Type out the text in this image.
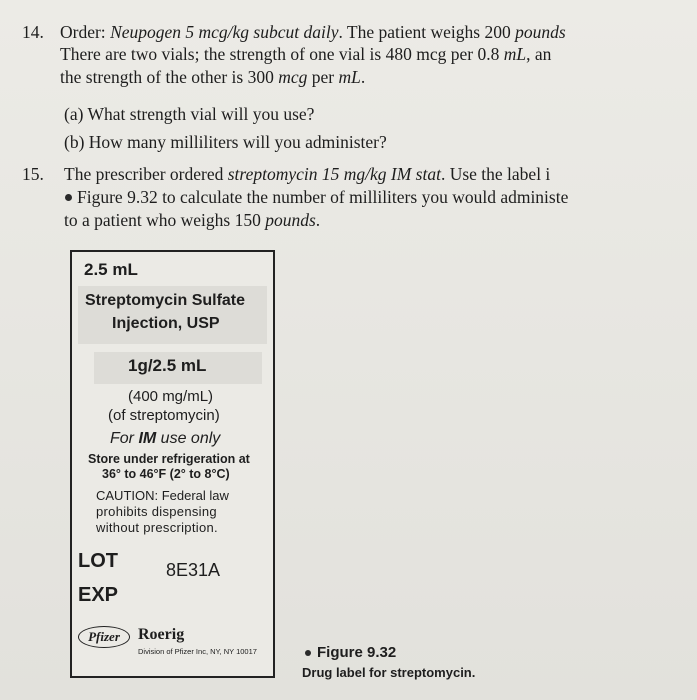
14. Order: Neupogen 5 mcg/kg subcut daily. The patient weighs 200 pounds
There are two vials; the strength of one vial is 480 mcg per 0.8 mL, an
the strength of the other is 300 mcg per mL.
(a) What strength vial will you use?
(b) How many milliliters will you administer?
15. The prescriber ordered streptomycin 15 mg/kg IM stat. Use the label i
Figure 9.32 to calculate the number of milliliters you would administe
to a patient who weighs 150 pounds.
2.5 mL
Streptomycin Sulfate
Injection, USP
1g/2.5 mL
(400 mg/mL)
(of streptomycin)
For IM use only
Store under refrigeration at
36° to 46°F (2° to 8°C)
CAUTION: Federal law
prohibits dispensing
without prescription.
LOT	8E31A
EXP
Pfizer	Roerig
Division of Pfizer Inc, NY, NY 10017	Figure 9.32
Drug label for streptomycin.
